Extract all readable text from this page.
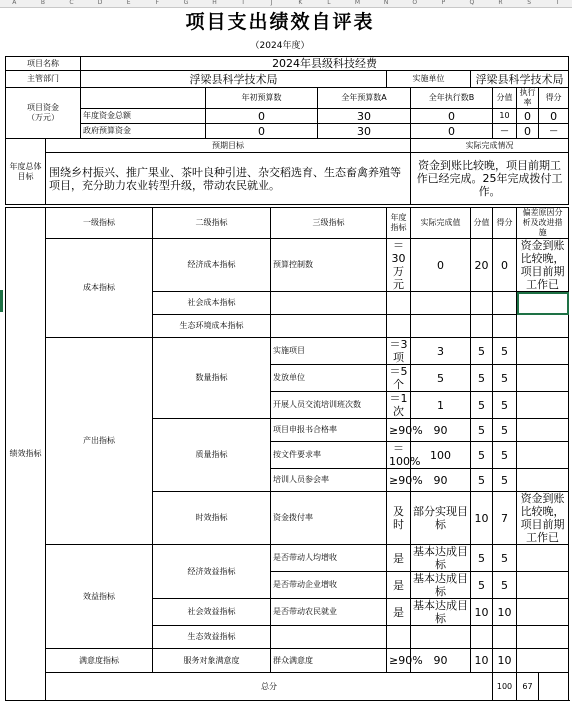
A	B	C	D	E	F	G	H	I	J	K	L	M	N	O	P	Q	R	S	T
项目支出绩效自评表
（2024年度）
项目名称		2024年县级科技经费										
主管部门		浮梁县科学技术局					实施单位		浮梁县科学技术局			
项目资金
（万元）				年初预算数		全年预算数A		全年执行数B		分值	执行率	得分
		年度资金总额		0		30		0		10	0	0
		政府预算资金		0		30		0		—	0	—
年度总体目标	预期目标							实际完成情况				
	围绕乡村振兴、推广果业、茶叶良种引进、杂交稻选育、生态畜禽养殖等项目，充分助力农业转型升级，带动农民就业。							资金到账比较晚，项目前期工作已经完成。25年完成拨付工作。				

绩效指标	一级指标		二级指标		三级指标		年度指标	实际完成值	分值	得分	偏差原因分析及改进措施	
	成本指标		经济成本指标		预算控制数		＝30万元	0	20	0	资金到账比较晚，项目前期工作已	
			社会成本指标									
			生态环境成本指标									
	产出指标		数量指标		实施项目		＝3项	3	5	5		
					发放单位		＝5个	5	5	5		
					开展人员交流培训班次数		＝1次	1	5	5		
			质量指标		项目申报书合格率		≥90%	90	5	5		
					按文件要求率		＝100%	100	5	5		
					培训人员参会率		≥90%	90	5	5		
			时效指标		资金拨付率		及时	部分实现目标	10	7	资金到账比较晚，项目前期工作已	
	效益指标		经济效益指标		是否带动人均增收		是	基本达成目标	5	5		
					是否带动企业增收		是	基本达成目标	5	5		
			社会效益指标		是否带动农民就业		是	基本达成目标	10	10		
			生态效益指标									
	满意度指标		服务对象满意度		群众满意度		≥90%	90	10	10		
	总分									100	67	
